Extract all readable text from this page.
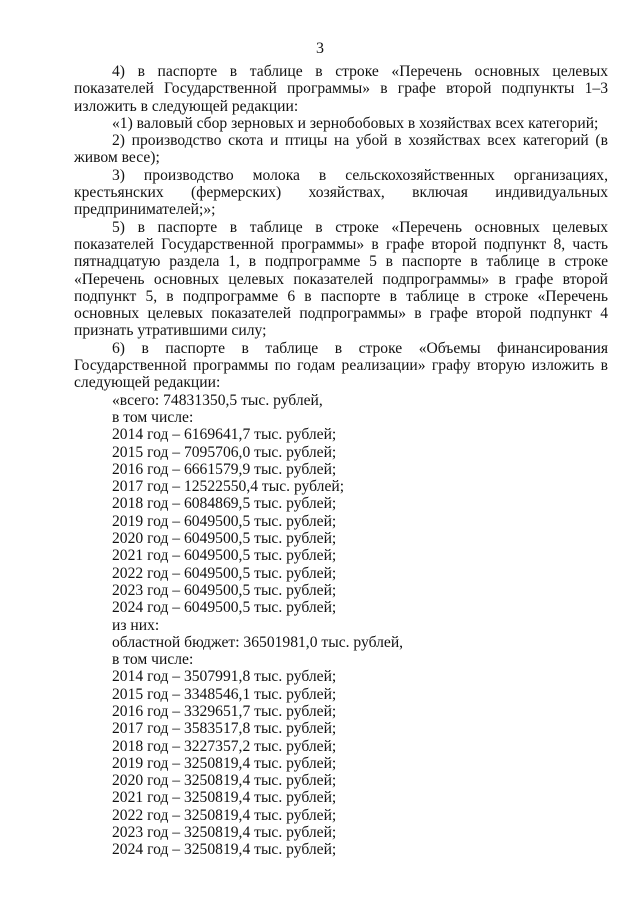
3

4) в паспорте в таблице в строке «Перечень основных целевых показателей Государственной программы» в графе второй подпункты 1–3 изложить в следующей редакции:

«1) валовый сбор зерновых и зернобобовых в хозяйствах всех категорий;

2) производство скота и птицы на убой в хозяйствах всех категорий (в живом весе);

3) производство молока в сельскохозяйственных организациях, крестьянских (фермерских) хозяйствах, включая индивидуальных предпринимателей;»;

5) в паспорте в таблице в строке «Перечень основных целевых показателей Государственной программы» в графе второй подпункт 8, часть пятнадцатую раздела 1, в подпрограмме 5 в паспорте в таблице в строке «Перечень основных целевых показателей подпрограммы» в графе второй подпункт 5, в подпрограмме 6 в паспорте в таблице в строке «Перечень основных целевых показателей подпрограммы» в графе второй подпункт 4 признать утратившими силу;

6) в паспорте в таблице в строке «Объемы финансирования Государственной программы по годам реализации» графу вторую изложить в следующей редакции:

«всего: 74831350,5 тыс. рублей,
в том числе:
2014 год – 6169641,7 тыс. рублей;
2015 год – 7095706,0 тыс. рублей;
2016 год – 6661579,9 тыс. рублей;
2017 год – 12522550,4 тыс. рублей;
2018 год – 6084869,5 тыс. рублей;
2019 год – 6049500,5 тыс. рублей;
2020 год – 6049500,5 тыс. рублей;
2021 год – 6049500,5 тыс. рублей;
2022 год – 6049500,5 тыс. рублей;
2023 год – 6049500,5 тыс. рублей;
2024 год – 6049500,5 тыс. рублей;
из них:
областной бюджет: 36501981,0 тыс. рублей,
в том числе:
2014 год – 3507991,8 тыс. рублей;
2015 год – 3348546,1 тыс. рублей;
2016 год – 3329651,7 тыс. рублей;
2017 год – 3583517,8 тыс. рублей;
2018 год – 3227357,2 тыс. рублей;
2019 год – 3250819,4 тыс. рублей;
2020 год – 3250819,4 тыс. рублей;
2021 год – 3250819,4 тыс. рублей;
2022 год – 3250819,4 тыс. рублей;
2023 год – 3250819,4 тыс. рублей;
2024 год – 3250819,4 тыс. рублей;
